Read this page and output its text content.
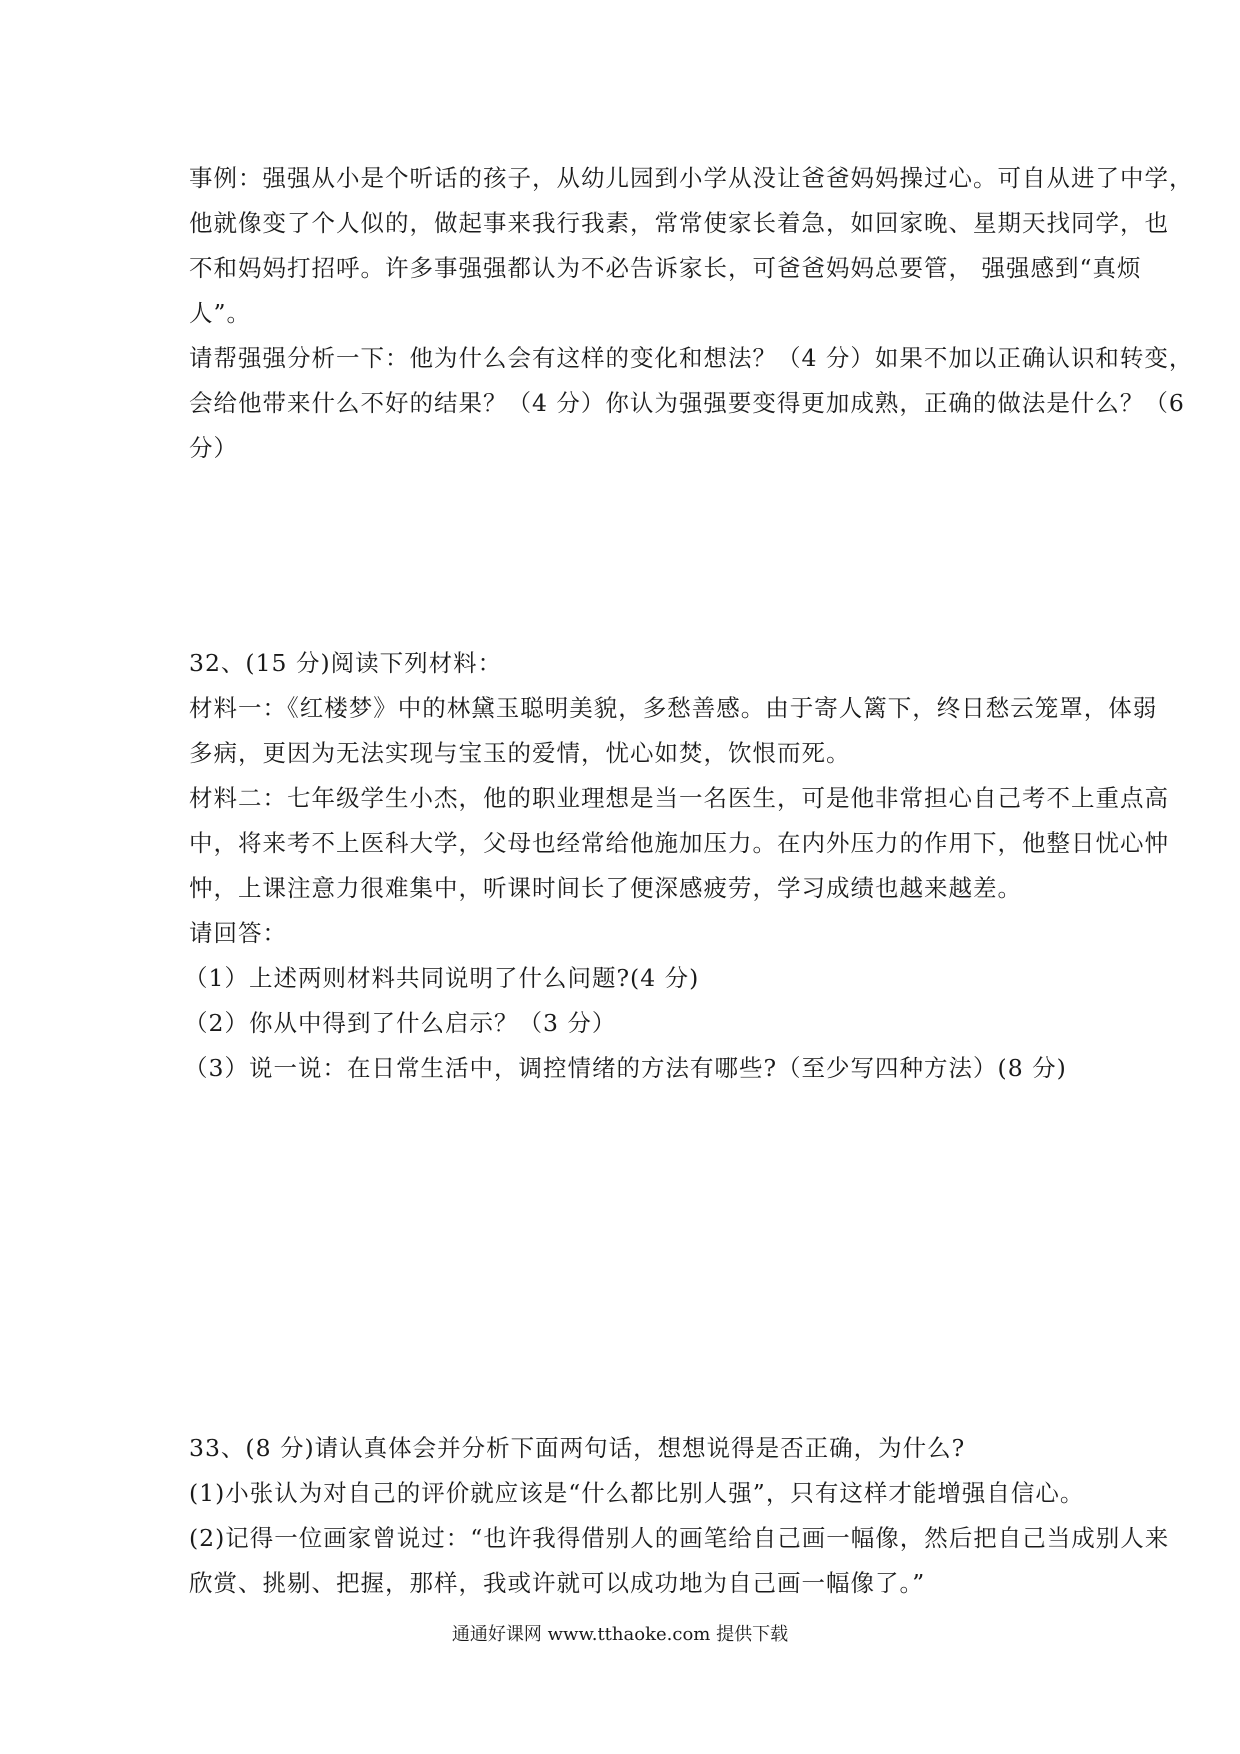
事例：强强从小是个听话的孩子，从幼儿园到小学从没让爸爸妈妈操过心。可自从进了中学，
他就像变了个人似的，做起事来我行我素，常常使家长着急，如回家晚、星期天找同学，也
不和妈妈打招呼。许多事强强都认为不必告诉家长，可爸爸妈妈总要管， 强强感到“真烦
人”。
请帮强强分析一下：他为什么会有这样的变化和想法？（4 分）如果不加以正确认识和转变，
会给他带来什么不好的结果？（4 分）你认为强强要变得更加成熟，正确的做法是什么？（6
分）
32、(15 分)阅读下列材料：
材料一：《红楼梦》中的林黛玉聪明美貌，多愁善感。由于寄人篱下，终日愁云笼罩，体弱
多病，更因为无法实现与宝玉的爱情，忧心如焚，饮恨而死。
材料二：七年级学生小杰，他的职业理想是当一名医生，可是他非常担心自己考不上重点高
中，将来考不上医科大学，父母也经常给他施加压力。在内外压力的作用下，他整日忧心忡
忡，上课注意力很难集中，听课时间长了便深感疲劳，学习成绩也越来越差。
请回答：
（1）上述两则材料共同说明了什么问题?(4 分)
（2）你从中得到了什么启示？（3 分）
（3）说一说：在日常生活中，调控情绪的方法有哪些?（至少写四种方法）(8 分)
33、(8 分)请认真体会并分析下面两句话，想想说得是否正确，为什么?
(1)小张认为对自己的评价就应该是“什么都比别人强”，只有这样才能增强自信心。
(2)记得一位画家曾说过：“也许我得借别人的画笔给自己画一幅像，然后把自己当成别人来
欣赏、挑剔、把握，那样，我或许就可以成功地为自己画一幅像了。”
通通好课网 www.tthaoke.com 提供下载
